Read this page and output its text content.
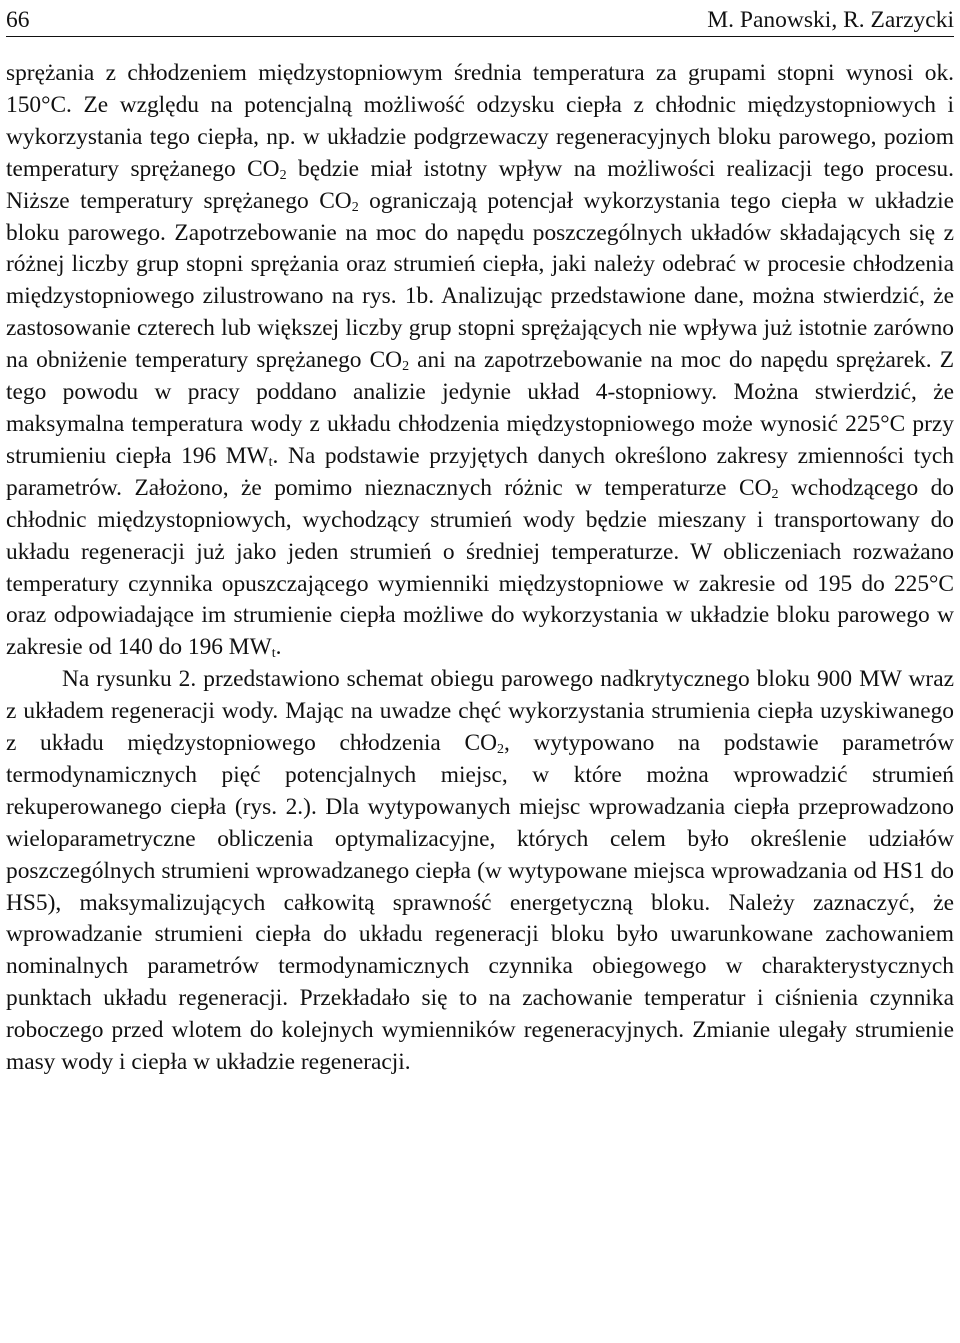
66	M. Panowski, R. Zarzycki

sprężania z chłodzeniem międzystopniowym średnia temperatura za grupami stopni wynosi ok. 150°C. Ze względu na potencjalną możliwość odzysku ciepła z chłodnic międzystopniowych i wykorzystania tego ciepła, np. w układzie podgrzewaczy regeneracyjnych bloku parowego, poziom temperatury sprężanego $CO_2$ będzie miał istotny wpływ na możliwości realizacji tego procesu. Niższe temperatury sprężanego $CO_2$ ograniczają potencjał wykorzystania tego ciepła w układzie bloku parowego. Zapotrzebowanie na moc do napędu poszczególnych układów składających się z różnej liczby grup stopni sprężania oraz strumień ciepła, jaki należy odebrać w procesie chłodzenia międzystopniowego zilustrowano na rys. 1b. Analizując przedstawione dane, można stwierdzić, że zastosowanie czterech lub większej liczby grup stopni sprężających nie wpływa już istotnie zarówno na obniżenie temperatury sprężanego $CO_2$ ani na zapotrzebowanie na moc do napędu sprężarek. Z tego powodu w pracy poddano analizie jedynie układ 4-stopniowy. Można stwierdzić, że maksymalna temperatura wody z układu chłodzenia międzystopniowego może wynosić 225°C przy strumieniu ciepła 196 $MW_t$. Na podstawie przyjętych danych określono zakresy zmienności tych parametrów. Założono, że pomimo nieznacznych różnic w temperaturze $CO_2$ wchodzącego do chłodnic międzystopniowych, wychodzący strumień wody będzie mieszany i transportowany do układu regeneracji już jako jeden strumień o średniej temperaturze. W obliczeniach rozważano temperatury czynnika opuszczającego wymienniki międzystopniowe w zakresie od 195 do 225°C oraz odpowiadające im strumienie ciepła możliwe do wykorzystania w układzie bloku parowego w zakresie od 140 do 196 $MW_t$.

Na rysunku 2. przedstawiono schemat obiegu parowego nadkrytycznego bloku 900 MW wraz z układem regeneracji wody. Mając na uwadze chęć wykorzystania strumienia ciepła uzyskiwanego z układu międzystopniowego chłodzenia $CO_2$, wytypowano na podstawie parametrów termodynamicznych pięć potencjalnych miejsc, w które można wprowadzić strumień rekuperowanego ciepła (rys. 2.). Dla wytypowanych miejsc wprowadzania ciepła przeprowadzono wieloparametryczne obliczenia optymalizacyjne, których celem było określenie udziałów poszczególnych strumieni wprowadzanego ciepła (w wytypowane miejsca wprowadzania od HS1 do HS5), maksymalizujących całkowitą sprawność energetyczną bloku. Należy zaznaczyć, że wprowadzanie strumieni ciepła do układu regeneracji bloku było uwarunkowane zachowaniem nominalnych parametrów termodynamicznych czynnika obiegowego w charakterystycznych punktach układu regeneracji. Przekładało się to na zachowanie temperatur i ciśnienia czynnika roboczego przed wlotem do kolejnych wymienników regeneracyjnych. Zmianie ulegały strumienie masy wody i ciepła w układzie regeneracji.
